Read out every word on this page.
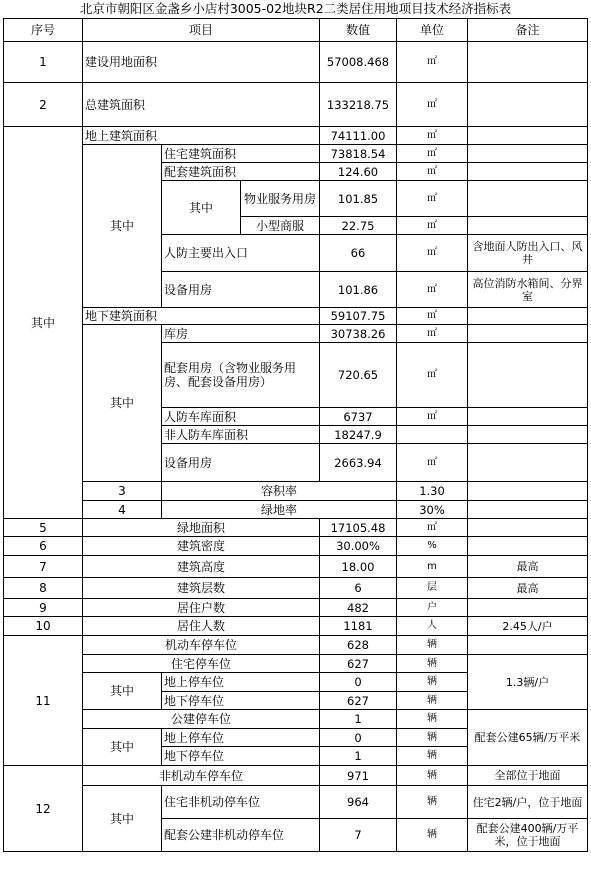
北京市朝阳区金盏乡小店村3005-02地块R2二类居住用地项目技术经济指标表
序号	项目			数值	单位	备注	
1	建设用地面积			57008.468	㎡		
2	总建筑面积			133218.75	㎡		
其中	地上建筑面积			74111.00	㎡		
	其中	住宅建筑面积		73818.54	㎡		
		配套建筑面积		124.60	㎡		
		其中	物业服务用房	101.85	㎡		
			小型商服	22.75	㎡		
		人防主要出入口		66	㎡	含地面人防出入口、风井	
		设备用房		101.86	㎡	高位消防水箱间、分界室	
	地下建筑面积			59107.75	㎡		
	其中	库房		30738.26	㎡		
		配套用房（含物业服务用房、配套设备用房）		720.65	㎡		
		人防车库面积		6737	㎡		
		非人防车库面积		18247.9			
		设备用房		2663.94	㎡		
	3	容积率			1.30		
	4	绿地率			30%		
5	绿地面积			17105.48	㎡		
6	建筑密度			30.00%	%		
7	建筑高度			18.00	m	最高	
8	建筑层数			6	层	最高	
9	居住户数			482	户		
10	居住人数			1181	人	2.45人/户	
11	机动车停车位			628	辆		
	住宅停车位			627	辆	1.3辆/户	
	其中	地上停车位		0	辆		
		地下停车位		627	辆		
	公建停车位			1	辆	配套公建65辆/万平米	
	其中	地上停车位		0	辆		
		地下停车位		1	辆		
12	非机动车停车位			971	辆	全部位于地面	
	其中	住宅非机动停车位		964	辆	住宅2辆/户，位于地面	
		配套公建非机动停车位		7	辆	配套公建400辆/万平米，位于地面	
